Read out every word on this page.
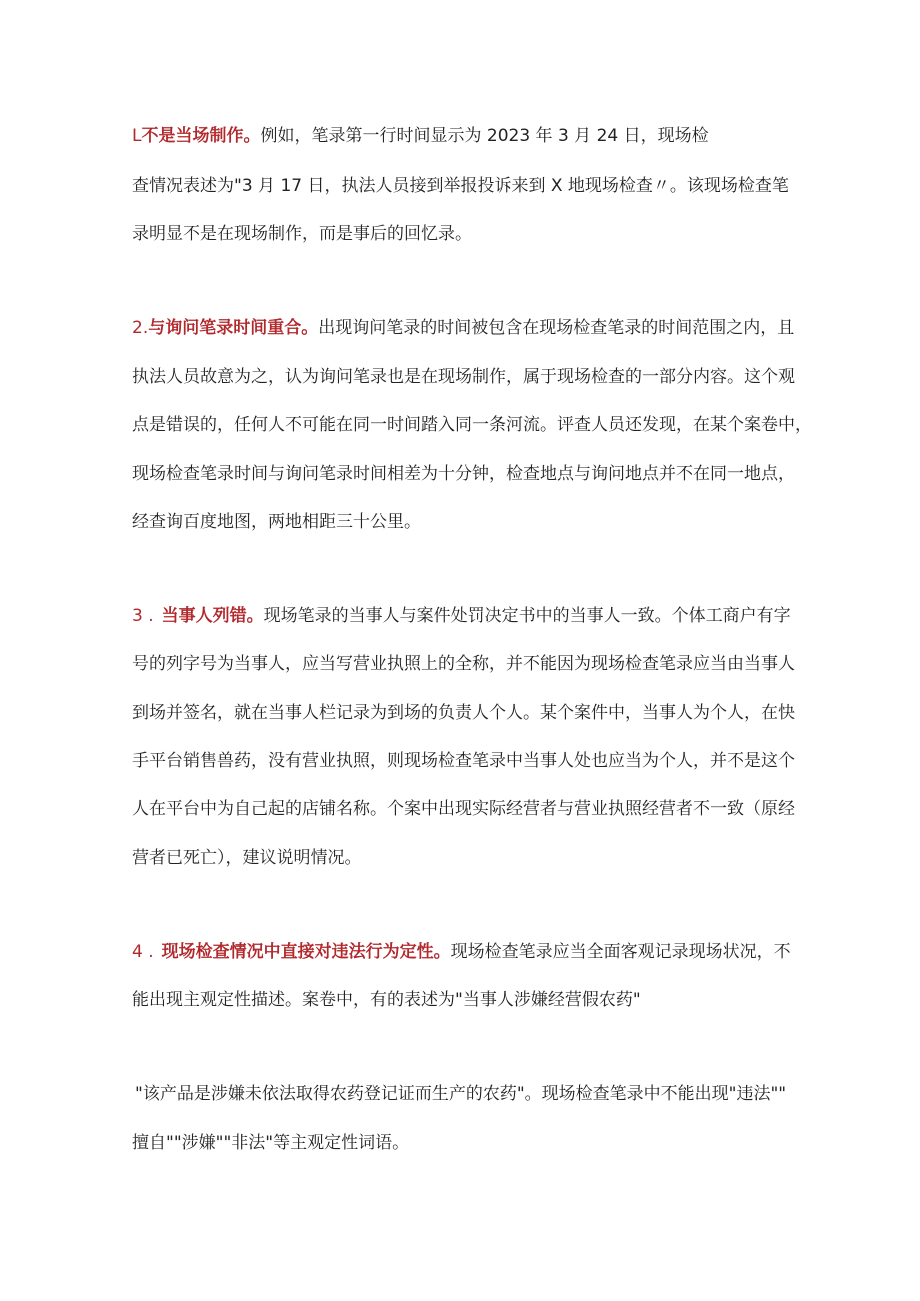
L不是当场制作。例如，笔录第一行时间显示为 2023 年 3 月 24 日，现场检
查情况表述为"3 月 17 日，执法人员接到举报投诉来到 X 地现场检查〃。该现场检查笔
录明显不是在现场制作，而是事后的回忆录。
2.与询问笔录时间重合。出现询问笔录的时间被包含在现场检查笔录的时间范围之内，且
执法人员故意为之，认为询问笔录也是在现场制作，属于现场检查的一部分内容。这个观
点是错误的，任何人不可能在同一时间踏入同一条河流。评查人员还发现，在某个案卷中，
现场检查笔录时间与询问笔录时间相差为十分钟，检查地点与询问地点并不在同一地点，
经查询百度地图，两地相距三十公里。
3 . 当事人列错。现场笔录的当事人与案件处罚决定书中的当事人一致。个体工商户有字
号的列字号为当事人，应当写营业执照上的全称，并不能因为现场检查笔录应当由当事人
到场并签名，就在当事人栏记录为到场的负责人个人。某个案件中，当事人为个人，在快
手平台销售兽药，没有营业执照，则现场检查笔录中当事人处也应当为个人，并不是这个
人在平台中为自己起的店铺名称。个案中出现实际经营者与营业执照经营者不一致（原经
营者已死亡），建议说明情况。
4 . 现场检查情况中直接对违法行为定性。现场检查笔录应当全面客观记录现场状况，不
能出现主观定性描述。案卷中，有的表述为"当事人涉嫌经营假农药"
"该产品是涉嫌未依法取得农药登记证而生产的农药"。现场检查笔录中不能出现"违法""
擅自""涉嫌""非法"等主观定性词语。
